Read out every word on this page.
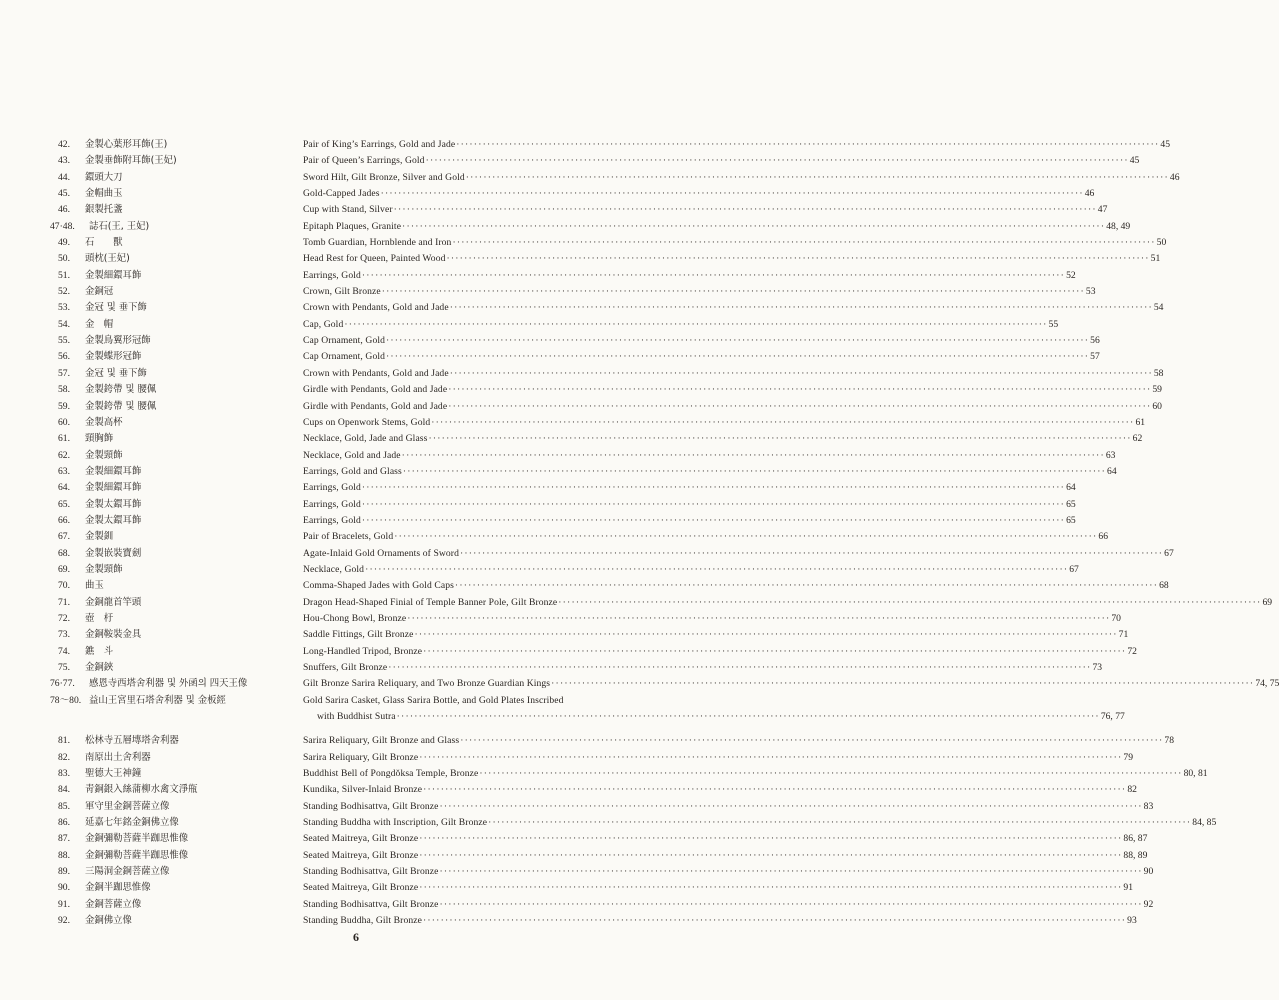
42.	金製心葉形耳飾(王)	Pair of King’s Earrings, Gold and Jade ································································································································································ 45
43.	金製垂飾附耳飾(王妃)	Pair of Queen’s Earrings, Gold ································································································································································ 45
44.	鐶頭大刀	Sword Hilt, Gilt Bronze, Silver and Gold ································································································································································ 46
45.	金帽曲玉	Gold-Capped Jades ································································································································································ 46
46.	銀製托盞	Cup with Stand, Silver ································································································································································ 47
47·48.	誌石(王, 王妃)	Epitaph Plaques, Granite ································································································································································ 48, 49
49.	石　　獸	Tomb Guardian, Hornblende and Iron ································································································································································ 50
50.	頭枕(王妃)	Head Rest for Queen, Painted Wood ································································································································································ 51
51.	金製細鐶耳飾	Earrings, Gold ································································································································································ 52
52.	金銅冠	Crown, Gilt Bronze ································································································································································ 53
53.	金冠 및 垂下飾	Crown with Pendants, Gold and Jade ································································································································································ 54
54.	金　帽	Cap, Gold ································································································································································ 55
55.	金製鳥翼形冠飾	Cap Ornament, Gold ································································································································································ 56
56.	金製蝶形冠飾	Cap Ornament, Gold ································································································································································ 57
57.	金冠 및 垂下飾	Crown with Pendants, Gold and Jade ································································································································································ 58
58.	金製銙帶 및 腰佩	Girdle with Pendants, Gold and Jade ································································································································································ 59
59.	金製銙帶 및 腰佩	Girdle with Pendants, Gold and Jade ································································································································································ 60
60.	金製高杯	Cups on Openwork Stems, Gold ································································································································································ 61
61.	頸胸飾	Necklace, Gold, Jade and Glass ································································································································································ 62
62.	金製頸飾	Necklace, Gold and Jade ································································································································································ 63
63.	金製細鐶耳飾	Earrings, Gold and Glass ································································································································································ 64
64.	金製細鐶耳飾	Earrings, Gold ································································································································································ 64
65.	金製太鐶耳飾	Earrings, Gold ································································································································································ 65
66.	金製太鐶耳飾	Earrings, Gold ································································································································································ 65
67.	金製釧	Pair of Bracelets, Gold ································································································································································ 66
68.	金製嵌裝寶劍	Agate-Inlaid Gold Ornaments of Sword ································································································································································ 67
69.	金製頸飾	Necklace, Gold ································································································································································ 67
70.	曲玉	Comma-Shaped Jades with Gold Caps ································································································································································ 68
71.	金銅龍首竿頭	Dragon Head-Shaped Finial of Temple Banner Pole, Gilt Bronze ································································································································································ 69
72.	壺　杅	Hou-Chong Bowl, Bronze ································································································································································ 70
73.	金銅鞍裝金具	Saddle Fittings, Gilt Bronze ································································································································································ 71
74.	鐎　斗	Long-Handled Tripod, Bronze ································································································································································ 72
75.	金銅鋏	Snuffers, Gilt Bronze ································································································································································ 73
76·77.	感恩寺西塔舍利器 및 外函의 四天王像	Gilt Bronze Sarira Reliquary, and Two Bronze Guardian Kings ································································································································································ 74, 75
78～80. 益山王宮里石塔舍利器 및 金板經	Gold Sarira Casket, Glass Sarira Bottle, and Gold Plates Inscribed
with Buddhist Sutra ································································································································································ 76, 77
81.	松林寺五層塼塔舍利器	Sarira Reliquary, Gilt Bronze and Glass ································································································································································ 78
82.	南原出土舍利器	Sarira Reliquary, Gilt Bronze ································································································································································ 79
83.	聖德大王神鐘	Buddhist Bell of Pongdŏksa Temple, Bronze ································································································································································ 80, 81
84.	靑銅銀入絲蒲柳水禽文淨甁	Kundika, Silver-Inlaid Bronze ································································································································································ 82
85.	軍守里金銅菩薩立像	Standing Bodhisattva, Gilt Bronze ································································································································································ 83
86.	延嘉七年銘金銅佛立像	Standing Buddha with Inscription, Gilt Bronze ································································································································································ 84, 85
87.	金銅彌勒菩薩半跏思惟像	Seated Maitreya, Gilt Bronze ································································································································································ 86, 87
88.	金銅彌勒菩薩半跏思惟像	Seated Maitreya, Gilt Bronze ································································································································································ 88, 89
89.	三陽洞金銅菩薩立像	Standing Bodhisattva, Gilt Bronze ································································································································································ 90
90.	金銅半跏思惟像	Seated Maitreya, Gilt Bronze ································································································································································ 91
91.	金銅菩薩立像	Standing Bodhisattva, Gilt Bronze ································································································································································ 92
92.	金銅佛立像	Standing Buddha, Gilt Bronze ································································································································································ 93
6
